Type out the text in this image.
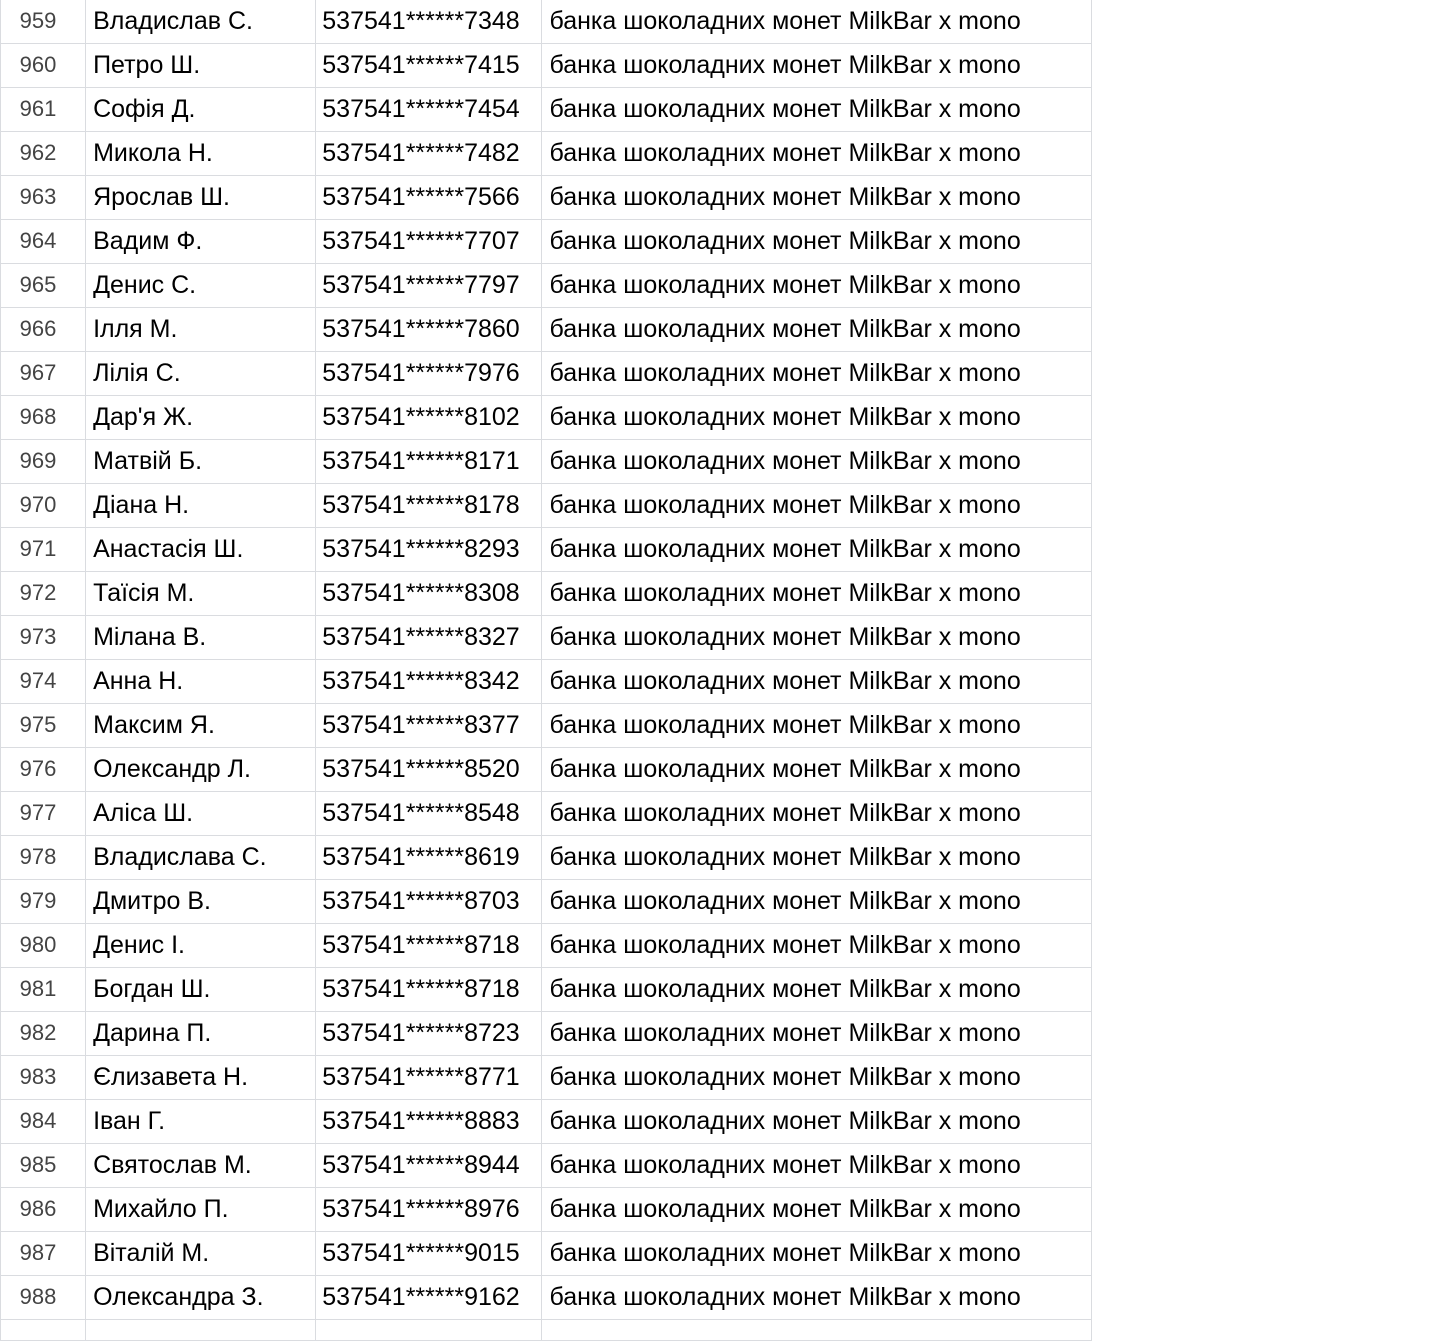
959	Владислав С.	537541******7348	банка шоколадних монет MilkBar x mono
960	Петро Ш.	537541******7415	банка шоколадних монет MilkBar x mono
961	Софія Д.	537541******7454	банка шоколадних монет MilkBar x mono
962	Микола Н.	537541******7482	банка шоколадних монет MilkBar x mono
963	Ярослав Ш.	537541******7566	банка шоколадних монет MilkBar x mono
964	Вадим Ф.	537541******7707	банка шоколадних монет MilkBar x mono
965	Денис С.	537541******7797	банка шоколадних монет MilkBar x mono
966	Ілля М.	537541******7860	банка шоколадних монет MilkBar x mono
967	Лілія С.	537541******7976	банка шоколадних монет MilkBar x mono
968	Дар'я Ж.	537541******8102	банка шоколадних монет MilkBar x mono
969	Матвій Б.	537541******8171	банка шоколадних монет MilkBar x mono
970	Діана Н.	537541******8178	банка шоколадних монет MilkBar x mono
971	Анастасія Ш.	537541******8293	банка шоколадних монет MilkBar x mono
972	Таїсія М.	537541******8308	банка шоколадних монет MilkBar x mono
973	Мілана В.	537541******8327	банка шоколадних монет MilkBar x mono
974	Анна Н.	537541******8342	банка шоколадних монет MilkBar x mono
975	Максим Я.	537541******8377	банка шоколадних монет MilkBar x mono
976	Олександр Л.	537541******8520	банка шоколадних монет MilkBar x mono
977	Аліса Ш.	537541******8548	банка шоколадних монет MilkBar x mono
978	Владислава С.	537541******8619	банка шоколадних монет MilkBar x mono
979	Дмитро В.	537541******8703	банка шоколадних монет MilkBar x mono
980	Денис І.	537541******8718	банка шоколадних монет MilkBar x mono
981	Богдан Ш.	537541******8718	банка шоколадних монет MilkBar x mono
982	Дарина П.	537541******8723	банка шоколадних монет MilkBar x mono
983	Єлизавета Н.	537541******8771	банка шоколадних монет MilkBar x mono
984	Іван Г.	537541******8883	банка шоколадних монет MilkBar x mono
985	Святослав М.	537541******8944	банка шоколадних монет MilkBar x mono
986	Михайло П.	537541******8976	банка шоколадних монет MilkBar x mono
987	Віталій М.	537541******9015	банка шоколадних монет MilkBar x mono
988	Олександра З.	537541******9162	банка шоколадних монет MilkBar x mono
